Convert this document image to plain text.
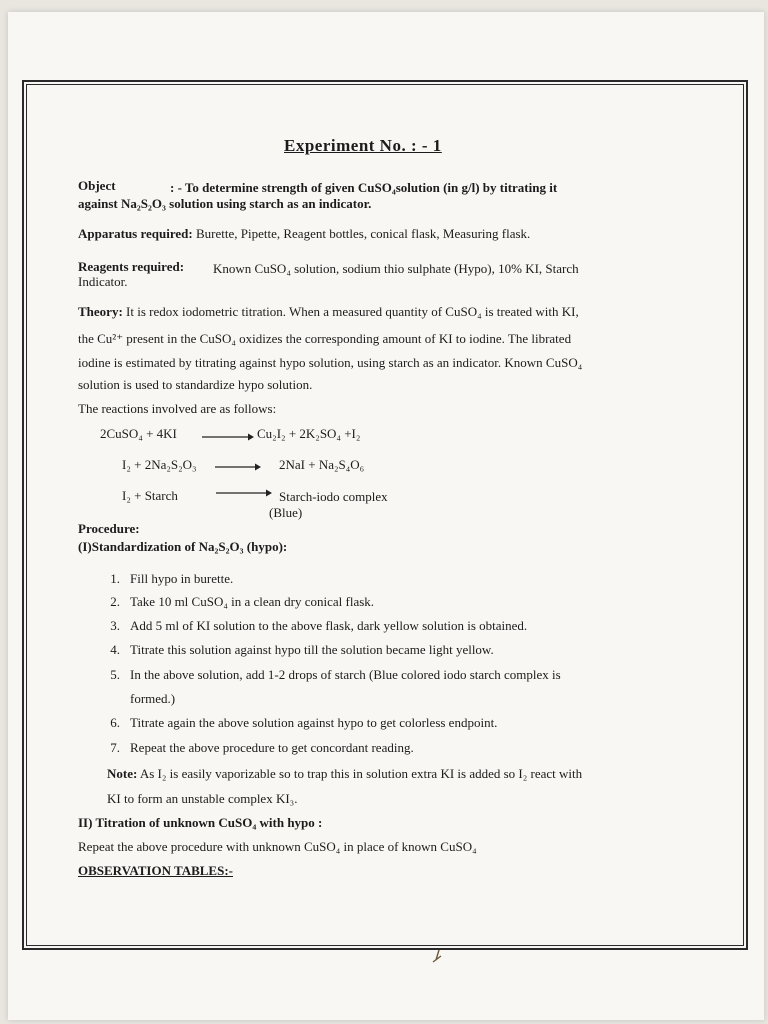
Experiment No. : - 1
Object	: - To determine strength of given CuSO₄solution (in g/l) by titrating it
against Na₂S₂O₃ solution using starch as an indicator.
Apparatus required: Burette, Pipette, Reagent bottles, conical flask, Measuring flask.
Reagents required: Known CuSO₄ solution, sodium thio sulphate (Hypo), 10% KI, Starch
Indicator.
Theory: It is redox iodometric titration. When a measured quantity of CuSO₄ is treated with KI,
the Cu²⁺ present in the CuSO₄ oxidizes the corresponding amount of KI to iodine. The librated
iodine is estimated by titrating against hypo solution, using starch as an indicator. Known CuSO₄
solution is used to standardize hypo solution.
The reactions involved are as follows:
2CuSO₄ + 4KI → Cu₂I₂ + 2K₂SO₄ +I₂
I₂ + 2Na₂S₂O₃ → 2NaI + Na₂S₄O₆
I₂ + Starch → Starch-iodo complex
(Blue)
Procedure:
(I)Standardization of Na₂S₂O₃ (hypo):
1. Fill hypo in burette.
2. Take 10 ml CuSO₄ in a clean dry conical flask.
3. Add 5 ml of KI solution to the above flask, dark yellow solution is obtained.
4. Titrate this solution against hypo till the solution became light yellow.
5. In the above solution, add 1-2 drops of starch (Blue colored iodo starch complex is
formed.)
6. Titrate again the above solution against hypo to get colorless endpoint.
7. Repeat the above procedure to get concordant reading.
Note: As I₂ is easily vaporizable so to trap this in solution extra KI is added so I₂ react with
KI to form an unstable complex KI₃.
II) Titration of unknown CuSO₄ with hypo :
Repeat the above procedure with unknown CuSO₄ in place of known CuSO₄
OBSERVATION TABLES:-
